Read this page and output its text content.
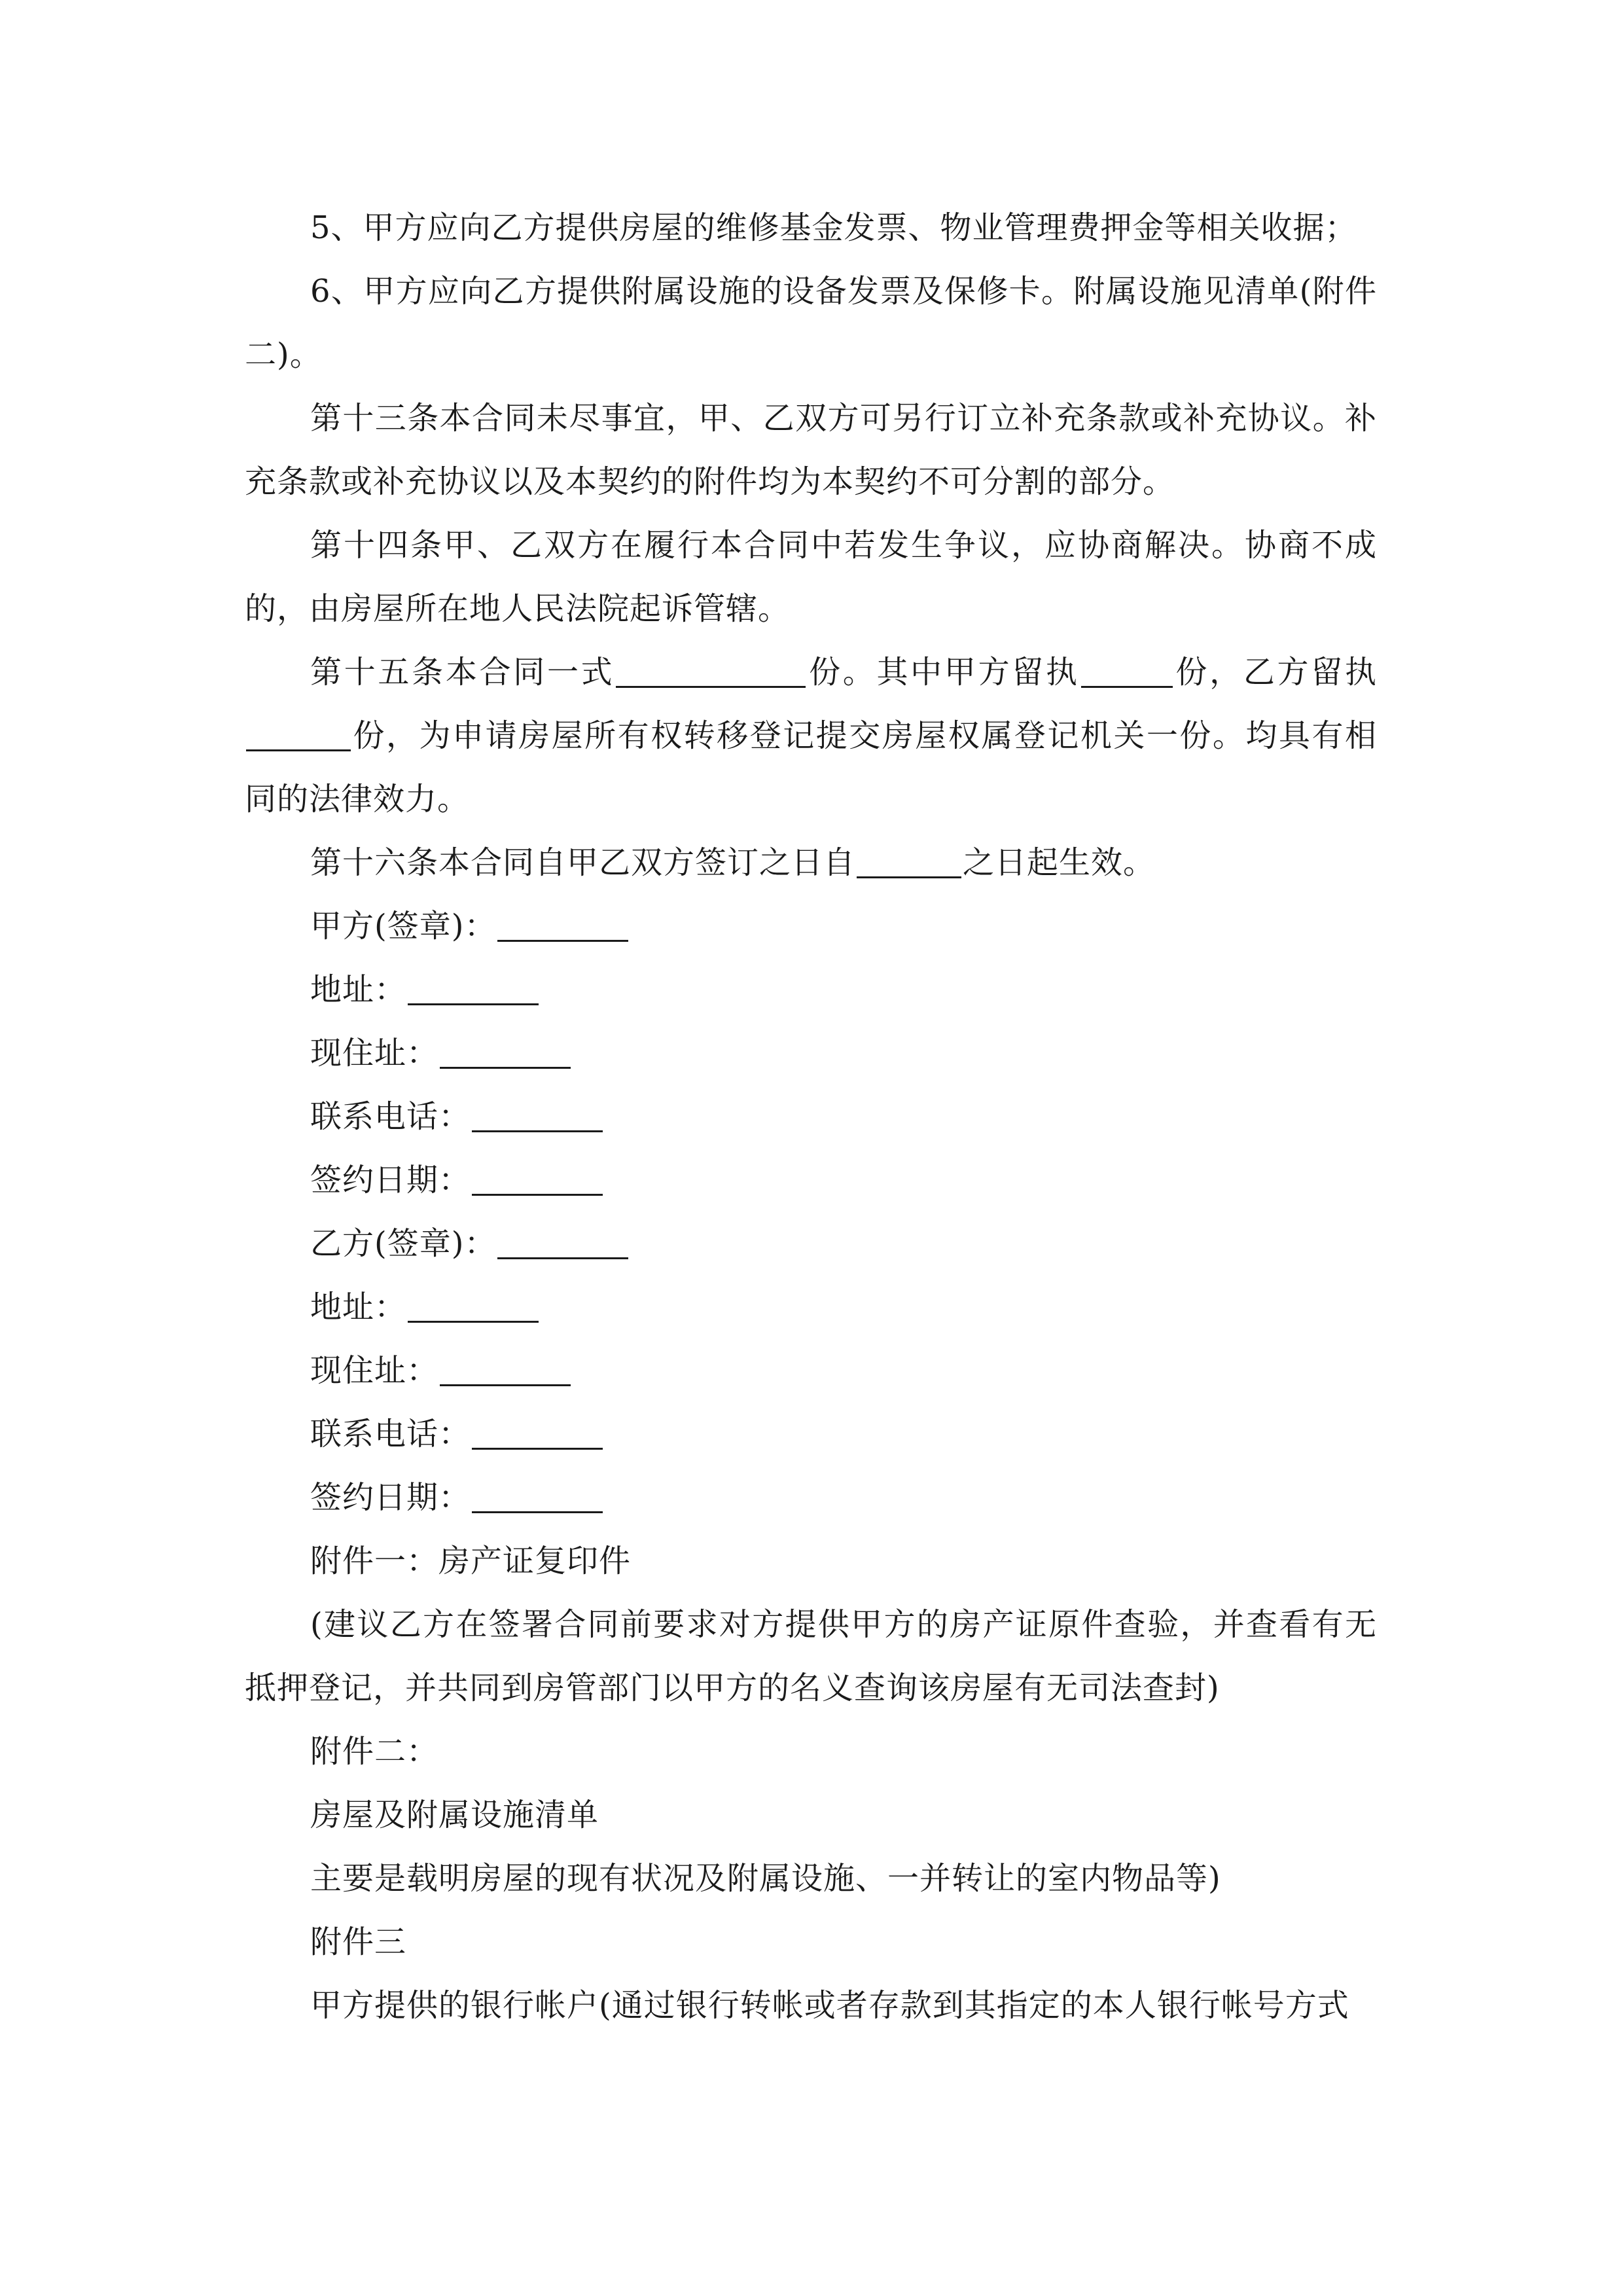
5、甲方应向乙方提供房屋的维修基金发票、物业管理费押金等相关收据；

6、甲方应向乙方提供附属设施的设备发票及保修卡。附属设施见清单(附件二)。

第十三条本合同未尽事宜，甲、乙双方可另行订立补充条款或补充协议。补充条款或补充协议以及本契约的附件均为本契约不可分割的部分。

第十四条甲、乙双方在履行本合同中若发生争议，应协商解决。协商不成的，由房屋所在地人民法院起诉管辖。

第十五条本合同一式	份。其中甲方留执	份，乙方留执份，为申请房屋所有权转移登记提交房屋权属登记机关一份。均具有相同的法律效力。

第十六条本合同自甲乙双方签订之日自	之日起生效。

甲方(签章)：

地址：

现住址：

联系电话：

签约日期：

乙方(签章)：

地址：

现住址：

联系电话：

签约日期：

附件一：房产证复印件

(建议乙方在签署合同前要求对方提供甲方的房产证原件查验，并查看有无抵押登记，并共同到房管部门以甲方的名义查询该房屋有无司法查封)

附件二：

房屋及附属设施清单

主要是载明房屋的现有状况及附属设施、一并转让的室内物品等)

附件三

甲方提供的银行帐户(通过银行转帐或者存款到其指定的本人银行帐号方式
